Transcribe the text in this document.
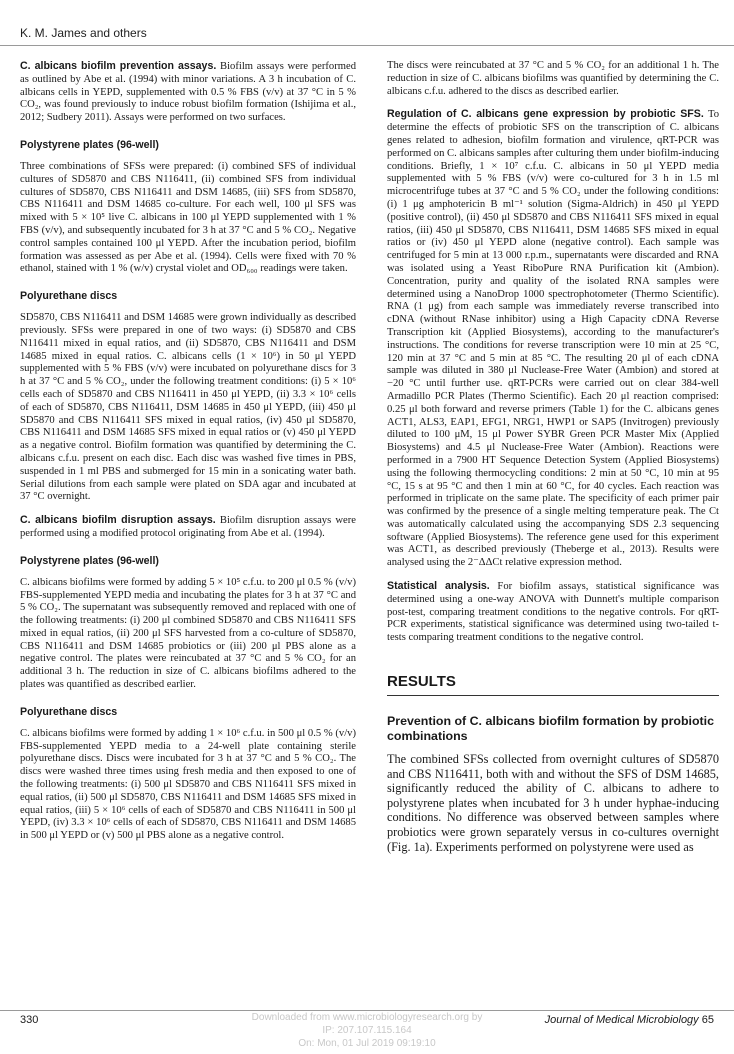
K. M. James and others

C. albicans biofilm prevention assays. Biofilm assays were performed as outlined by Abe et al. (1994) with minor variations. A 3 h incubation of C. albicans cells in YEPD, supplemented with 0.5 % FBS (v/v) at 37 °C in 5 % CO₂, was found previously to induce robust biofilm formation (Ishijima et al., 2012; Sudbery 2011). Assays were performed on two surfaces.

Polystyrene plates (96-well)

Three combinations of SFSs were prepared: (i) combined SFS of individual cultures of SD5870 and CBS N116411, (ii) combined SFS from individual cultures of SD5870, CBS N116411 and DSM 14685, (iii) SFS from SD5870, CBS N116411 and DSM 14685 co-culture. For each well, 100 μl SFS was mixed with 5 × 10⁵ live C. albicans in 100 μl YEPD supplemented with 1 % FBS (v/v), and subsequently incubated for 3 h at 37 °C and 5 % CO₂. Negative control samples contained 100 μl YEPD. After the incubation period, biofilm formation was assessed as per Abe et al. (1994). Cells were fixed with 70 % ethanol, stained with 1 % (w/v) crystal violet and OD₆₀₀ readings were taken.

Polyurethane discs

SD5870, CBS N116411 and DSM 14685 were grown individually as described previously. SFSs were prepared in one of two ways: (i) SD5870 and CBS N116411 mixed in equal ratios, and (ii) SD5870, CBS N116411 and DSM 14685 mixed in equal ratios. C. albicans cells (1 × 10⁶) in 50 μl YEPD supplemented with 5 % FBS (v/v) were incubated on polyurethane discs for 3 h at 37 °C and 5 % CO₂, under the following treatment conditions: (i) 5 × 10⁶ cells each of SD5870 and CBS N116411 in 450 μl YEPD, (ii) 3.3 × 10⁶ cells of each of SD5870, CBS N116411, DSM 14685 in 450 μl YEPD, (iii) 450 μl SD5870 and CBS N116411 SFS mixed in equal ratios, (iv) 450 μl SD5870, CBS N116411 and DSM 14685 SFS mixed in equal ratios or (v) 450 μl YEPD as a negative control. Biofilm formation was quantified by determining the C. albicans c.f.u. present on each disc. Each disc was washed five times in PBS, suspended in 1 ml PBS and submerged for 15 min in a sonicating water bath. Serial dilutions from each sample were plated on SDA agar and incubated at 37 °C overnight.

C. albicans biofilm disruption assays. Biofilm disruption assays were performed using a modified protocol originating from Abe et al. (1994).

Polystyrene plates (96-well)

C. albicans biofilms were formed by adding 5 × 10⁵ c.f.u. to 200 μl 0.5 % (v/v) FBS-supplemented YEPD media and incubating the plates for 3 h at 37 °C and 5 % CO₂. The supernatant was subsequently removed and replaced with one of the following treatments: (i) 200 μl combined SD5870 and CBS N116411 SFS mixed in equal ratios, (ii) 200 μl SFS harvested from a co-culture of SD5870, CBS N116411 and DSM 14685 probiotics or (iii) 200 μl PBS alone as a negative control. The plates were reincubated at 37 °C and 5 % CO₂ for an additional 3 h. The reduction in size of C. albicans biofilms adhered to the plates was quantified as described earlier.

Polyurethane discs

C. albicans biofilms were formed by adding 1 × 10⁶ c.f.u. in 500 μl 0.5 % (v/v) FBS-supplemented YEPD media to a 24-well plate containing sterile polyurethane discs. Discs were incubated for 3 h at 37 °C and 5 % CO₂. The discs were washed three times using fresh media and then exposed to one of the following treatments: (i) 500 μl SD5870 and CBS N116411 SFS mixed in equal ratios, (ii) 500 μl SD5870, CBS N116411 and DSM 14685 SFS mixed in equal ratios, (iii) 5 × 10⁶ cells of each of SD5870 and CBS N116411 in 500 μl YEPD, (iv) 3.3 × 10⁶ cells of each of SD5870, CBS N116411 and DSM 14685 in 500 μl YEPD or (v) 500 μl PBS alone as a negative control.

The discs were reincubated at 37 °C and 5 % CO₂ for an additional 1 h. The reduction in size of C. albicans biofilms was quantified by determining the C. albicans c.f.u. adhered to the discs as described earlier.

Regulation of C. albicans gene expression by probiotic SFS. To determine the effects of probiotic SFS on the transcription of C. albicans genes related to adhesion, biofilm formation and virulence, qRT-PCR was performed on C. albicans samples after culturing them under biofilm-inducing conditions. Briefly, 1 × 10⁷ c.f.u. C. albicans in 50 μl YEPD media supplemented with 5 % FBS (v/v) were co-cultured for 3 h in 1.5 ml microcentrifuge tubes at 37 °C and 5 % CO₂ under the following conditions: (i) 1 μg amphotericin B ml⁻¹ solution (Sigma-Aldrich) in 450 μl YEPD (positive control), (ii) 450 μl SD5870 and CBS N116411 SFS mixed in equal ratios, (iii) 450 μl SD5870, CBS N116411, DSM 14685 SFS mixed in equal ratios or (iv) 450 μl YEPD alone (negative control). Each sample was centrifuged for 5 min at 13 000 r.p.m., supernatants were discarded and RNA was isolated using a Yeast RiboPure RNA Purification kit (Ambion). Concentration, purity and quality of the isolated RNA samples were determined using a NanoDrop 1000 spectrophotometer (Thermo Scientific). RNA (1 μg) from each sample was immediately reverse transcribed into cDNA (without RNase inhibitor) using a High Capacity cDNA Reverse Transcription kit (Applied Biosystems), according to the manufacturer's instructions. The conditions for reverse transcription were 10 min at 25 °C, 120 min at 37 °C and 5 min at 85 °C. The resulting 20 μl of each cDNA sample was diluted in 380 μl Nuclease-Free Water (Ambion) and stored at −20 °C until further use. qRT-PCRs were carried out on clear 384-well Armadillo PCR Plates (Thermo Scientific). Each 20 μl reaction comprised: 0.25 μl both forward and reverse primers (Table 1) for the C. albicans genes ACT1, ALS3, EAP1, EFG1, NRG1, HWP1 or SAP5 (Invitrogen) previously diluted to 100 μM, 15 μl Power SYBR Green PCR Master Mix (Applied Biosystems) and 4.5 μl Nuclease-Free Water (Ambion). Reactions were performed in a 7900 HT Sequence Detection System (Applied Biosystems) using the following thermocycling conditions: 2 min at 50 °C, 10 min at 95 °C, 15 s at 95 °C and then 1 min at 60 °C, for 40 cycles. Each reaction was performed in triplicate on the same plate. The specificity of each primer pair was confirmed by the presence of a single melting temperature peak. The Ct was automatically calculated using the accompanying SDS 2.3 sequencing software (Applied Biosystems). The reference gene used for this experiment was ACT1, as described previously (Theberge et al., 2013). Results were analysed using the 2⁻ΔΔCt relative expression method.

Statistical analysis. For biofilm assays, statistical significance was determined using a one-way ANOVA with Dunnett's multiple comparison post-test, comparing treatment conditions to the negative controls. For qRT-PCR experiments, statistical significance was determined using two-tailed t-tests comparing treatment conditions to the negative control.

RESULTS
Prevention of C. albicans biofilm formation by probiotic combinations

The combined SFSs collected from overnight cultures of SD5870 and CBS N116411, both with and without the SFS of DSM 14685, significantly reduced the ability of C. albicans to adhere to polystyrene plates when incubated for 3 h under hyphae-inducing conditions. No difference was observed between samples where probiotics were grown separately versus in co-cultures overnight (Fig. 1a). Experiments performed on polystyrene were used as

330	Journal of Medical Microbiology 65
Downloaded from www.microbiologyresearch.org by
IP: 207.107.115.164
On: Mon, 01 Jul 2019 09:19:10
